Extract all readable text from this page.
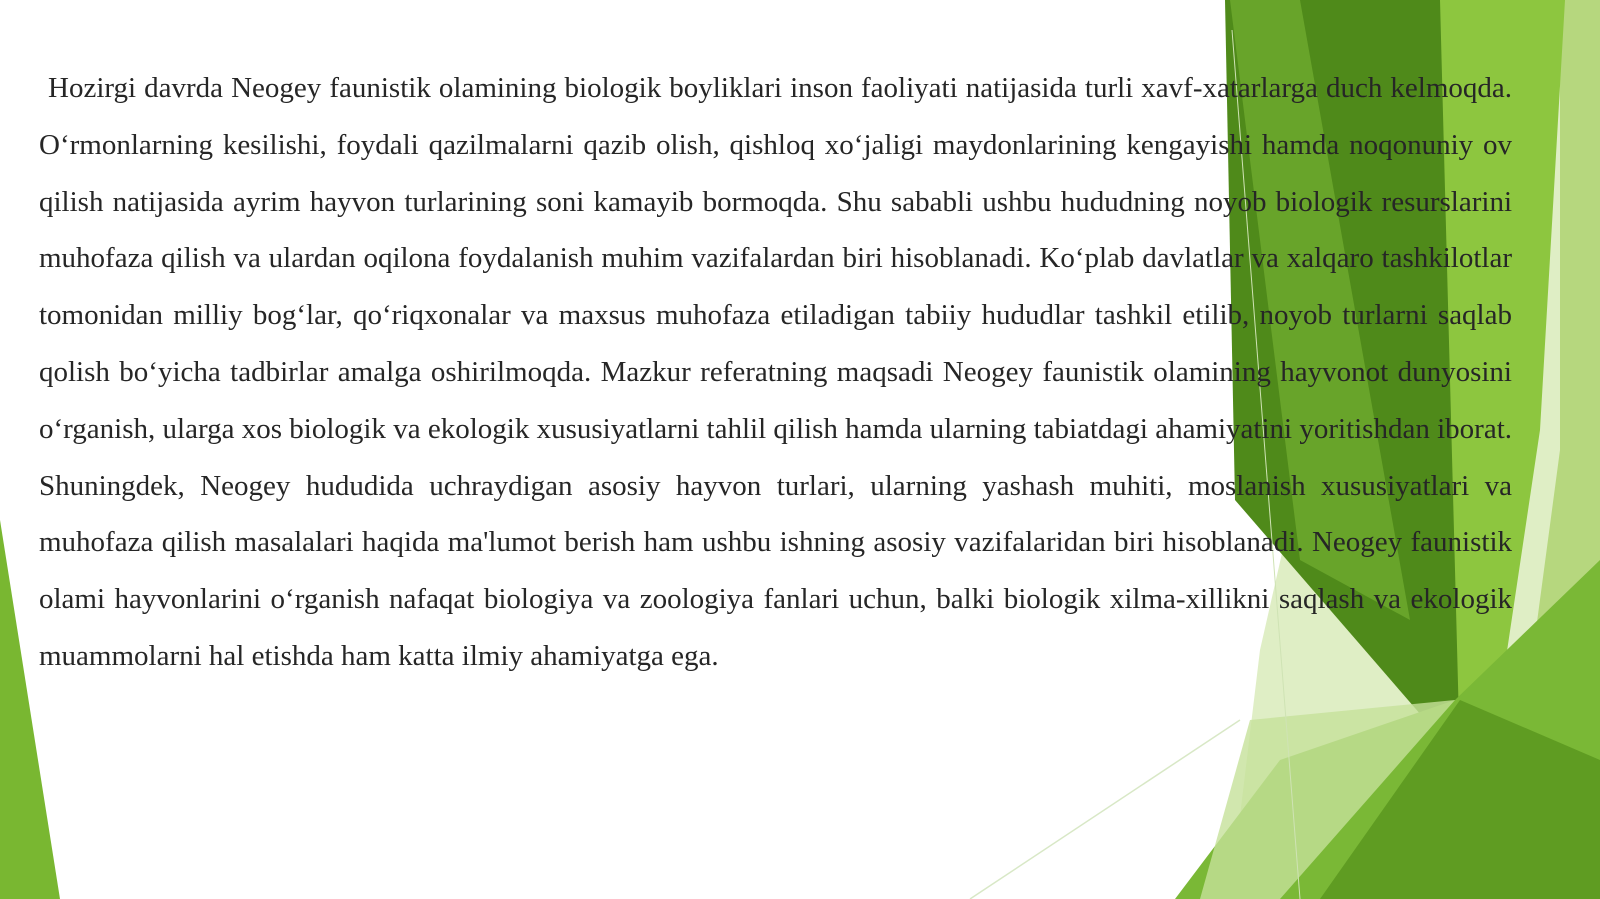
Hozirgi davrda Neogey faunistik olamining biologik boyliklari inson faoliyati natijasida turli xavf-xatarlarga duch kelmoqda. O‘rmonlarning kesilishi, foydali qazilmalarni qazib olish, qishloq xo‘jaligi maydonlarining kengayishi hamda noqonuniy ov qilish natijasida ayrim hayvon turlarining soni kamayib bormoqda. Shu sababli ushbu hududning noyob biologik resurslarini muhofaza qilish va ulardan oqilona foydalanish muhim vazifalardan biri hisoblanadi. Ko‘plab davlatlar va xalqaro tashkilotlar tomonidan milliy bog‘lar, qo‘riqxonalar va maxsus muhofaza etiladigan tabiiy hududlar tashkil etilib, noyob turlarni saqlab qolish bo‘yicha tadbirlar amalga oshirilmoqda. Mazkur referatning maqsadi Neogey faunistik olamining hayvonot dunyosini o‘rganish, ularga xos biologik va ekologik xususiyatlarni tahlil qilish hamda ularning tabiatdagi ahamiyatini yoritishdan iborat. Shuningdek, Neogey hududida uchraydigan asosiy hayvon turlari, ularning yashash muhiti, moslanish xususiyatlari va muhofaza qilish masalalari haqida ma'lumot berish ham ushbu ishning asosiy vazifalaridan biri hisoblanadi. Neogey faunistik olami hayvonlarini o‘rganish nafaqat biologiya va zoologiya fanlari uchun, balki biologik xilma-xillikni saqlash va ekologik muammolarni hal etishda ham katta ilmiy ahamiyatga ega.
